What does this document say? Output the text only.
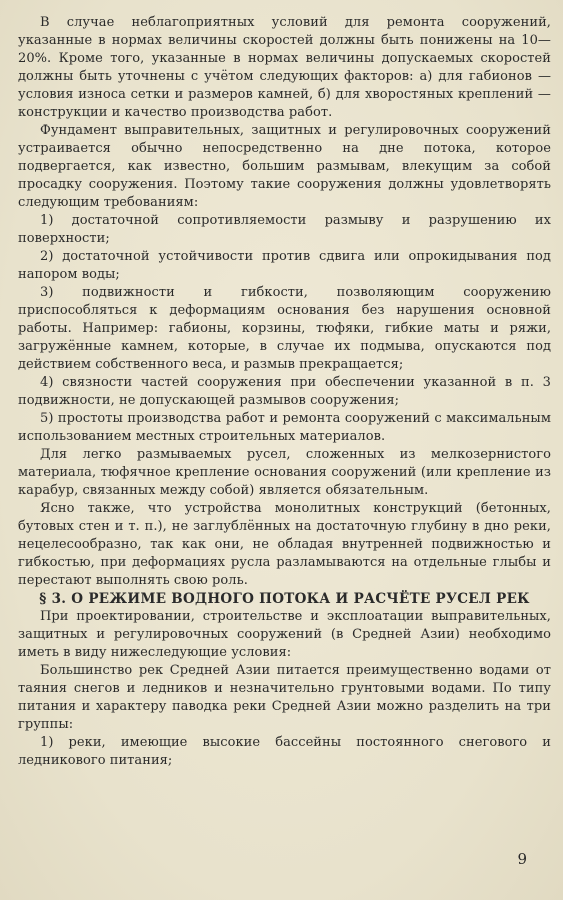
В случае неблагоприятных условий для ремонта сооружений, указанные в нормах величины скоростей должны быть понижены на 10—20%. Кроме того, указанные в нормах величины допускаемых скоростей должны быть уточнены с учётом следующих факторов: а) для габионов — условия износа сетки и размеров камней, б) для хворостяных креплений — конструкции и качество производства работ.

Фундамент выправительных, защитных и регулировочных сооружений устраивается обычно непосредственно на дне потока, которое подвергается, как известно, большим размывам, влекущим за собой просадку сооружения. Поэтому такие сооружения должны удовлетворять следующим требованиям:

1) достаточной сопротивляемости размыву и разрушению их поверхности;

2) достаточной устойчивости против сдвига или опрокидывания под напором воды;

3) подвижности и гибкости, позволяющим сооружению приспособляться к деформациям основания без нарушения основной работы. Например: габионы, корзины, тюфяки, гибкие маты и ряжи, загружённые камнем, которые, в случае их подмыва, опускаются под действием собственного веса, и размыв прекращается;

4) связности частей сооружения при обеспечении указанной в п. 3 подвижности, не допускающей размывов сооружения;

5) простоты производства работ и ремонта сооружений с максимальным использованием местных строительных материалов.

Для легко размываемых русел, сложенных из мелкозернистого материала, тюфячное крепление основания сооружений (или крепление из карабур, связанных между собой) является обязательным.

Ясно также, что устройства монолитных конструкций (бетонных, бутовых стен и т. п.), не заглублённых на достаточную глубину в дно реки, нецелесообразно, так как они, не обладая внутренней подвижностью и гибкостью, при деформациях русла разламываются на отдельные глыбы и перестают выполнять свою роль.

§ 3. О РЕЖИМЕ ВОДНОГО ПОТОКА И РАСЧЁТЕ РУСЕЛ РЕК

При проектировании, строительстве и эксплоатации выправительных, защитных и регулировочных сооружений (в Средней Азии) необходимо иметь в виду нижеследующие условия:

Большинство рек Средней Азии питается преимущественно водами от таяния снегов и ледников и незначительно грунтовыми водами. По типу питания и характеру паводка реки Средней Азии можно разделить на три группы:

1) реки, имеющие высокие бассейны постоянного снегового и ледникового питания;

9
